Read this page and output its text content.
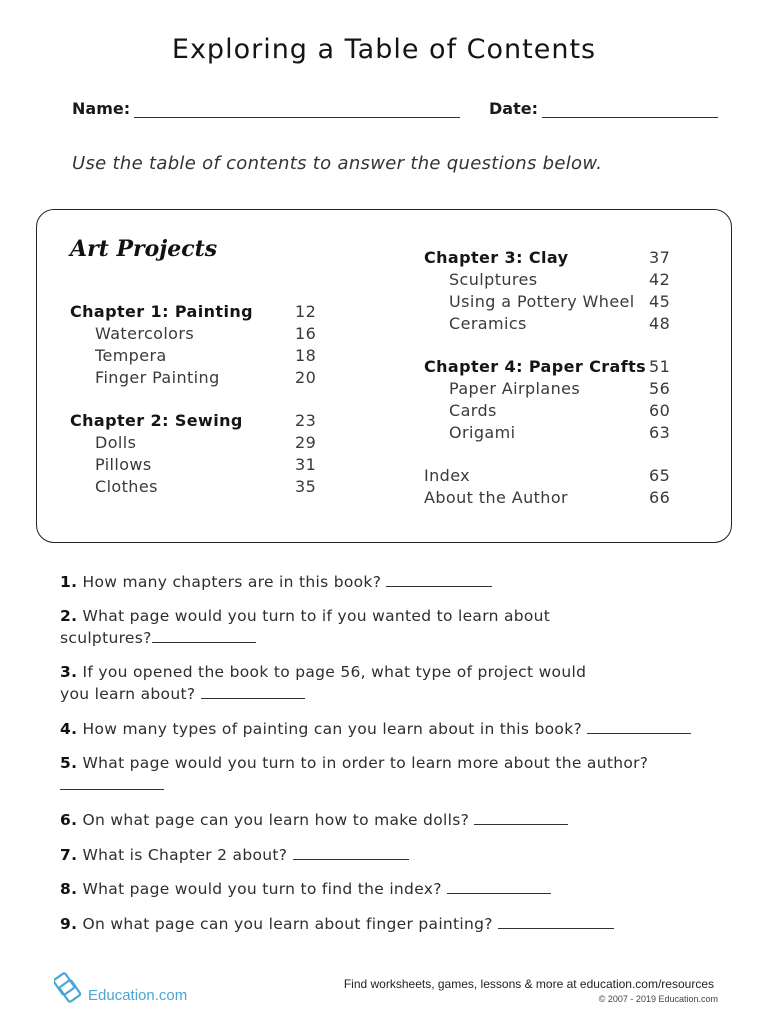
Exploring a Table of Contents
Name:	Date:
Use the table of contents to answer the questions below.
Art Projects
Chapter 1: Painting	12
Watercolors	16
Tempera	18
Finger Painting	20
Chapter 2: Sewing	23
Dolls	29
Pillows	31
Clothes	35
Chapter 3: Clay	37
Sculptures	42
Using a Pottery Wheel 45
Ceramics	48
Chapter 4: Paper Crafts 51
Paper Airplanes	56
Cards	60
Origami	63
Index	65
About the Author	66
1. How many chapters are in this book?
2. What page would you turn to if you wanted to learn about
sculptures?
3. If you opened the book to page 56, what type of project would
you learn about?
4. How many types of painting can you learn about in this book?
5. What page would you turn to in order to learn more about the author?

6. On what page can you learn how to make dolls?
7. What is Chapter 2 about?
8. What page would you turn to find the index?
9. On what page can you learn about finger painting?
Education.com
Find worksheets, games, lessons & more at education.com/resources
© 2007 - 2019 Education.com
